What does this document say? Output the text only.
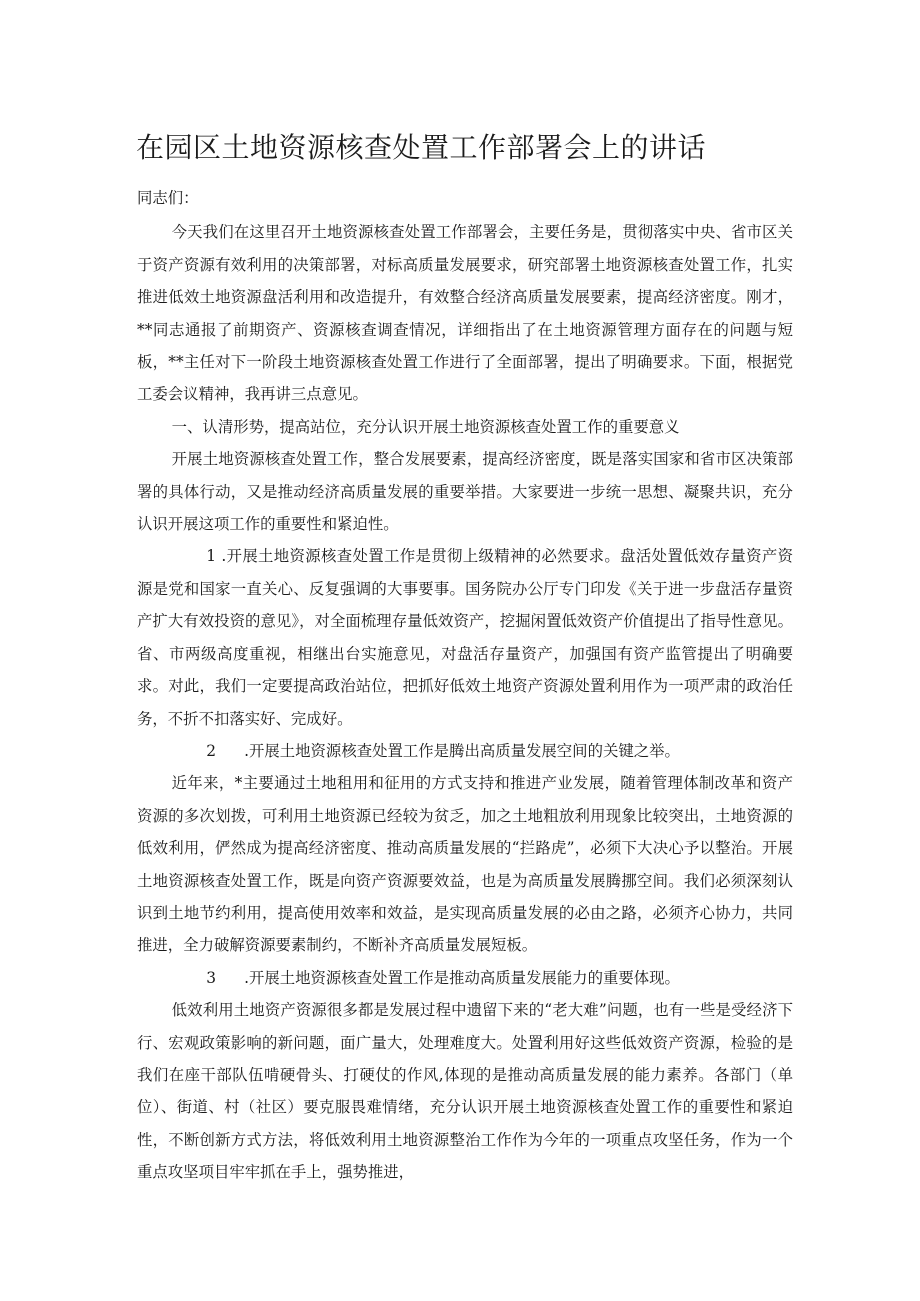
在园区土地资源核查处置工作部署会上的讲话

同志们：

今天我们在这里召开土地资源核查处置工作部署会，主要任务是，贯彻落实中央、省市区关于资产资源有效利用的决策部署，对标高质量发展要求，研究部署土地资源核查处置工作，扎实推进低效土地资源盘活利用和改造提升，有效整合经济高质量发展要素，提高经济密度。刚才，**同志通报了前期资产、资源核查调查情况，详细指出了在土地资源管理方面存在的问题与短板，**主任对下一阶段土地资源核查处置工作进行了全面部署，提出了明确要求。下面，根据党工委会议精神，我再讲三点意见。

一、认清形势，提高站位，充分认识开展土地资源核查处置工作的重要意义

开展土地资源核查处置工作，整合发展要素，提高经济密度，既是落实国家和省市区决策部署的具体行动，又是推动经济高质量发展的重要举措。大家要进一步统一思想、凝聚共识，充分认识开展这项工作的重要性和紧迫性。

1 .开展土地资源核查处置工作是贯彻上级精神的必然要求。盘活处置低效存量资产资源是党和国家一直关心、反复强调的大事要事。国务院办公厅专门印发《关于进一步盘活存量资产扩大有效投资的意见》，对全面梳理存量低效资产，挖掘闲置低效资产价值提出了指导性意见。省、市两级高度重视，相继出台实施意见，对盘活存量资产，加强国有资产监管提出了明确要求。对此，我们一定要提高政治站位，把抓好低效土地资产资源处置利用作为一项严肃的政治任务，不折不扣落实好、完成好。

2 .开展土地资源核查处置工作是腾出高质量发展空间的关键之举。

近年来，*主要通过土地租用和征用的方式支持和推进产业发展，随着管理体制改革和资产资源的多次划拨，可利用土地资源已经较为贫乏，加之土地粗放利用现象比较突出，土地资源的低效利用，俨然成为提高经济密度、推动高质量发展的“拦路虎”，必须下大决心予以整治。开展土地资源核查处置工作，既是向资产资源要效益，也是为高质量发展腾挪空间。我们必须深刻认识到土地节约利用，提高使用效率和效益，是实现高质量发展的必由之路，必须齐心协力，共同推进，全力破解资源要素制约，不断补齐高质量发展短板。

3 .开展土地资源核查处置工作是推动高质量发展能力的重要体现。

低效利用土地资产资源很多都是发展过程中遗留下来的“老大难”问题，也有一些是受经济下行、宏观政策影响的新问题，面广量大，处理难度大。处置利用好这些低效资产资源，检验的是我们在座干部队伍啃硬骨头、打硬仗的作风,体现的是推动高质量发展的能力素养。各部门（单位）、街道、村（社区）要克服畏难情绪，充分认识开展土地资源核查处置工作的重要性和紧迫性，不断创新方式方法，将低效利用土地资源整治工作作为今年的一项重点攻坚任务，作为一个重点攻坚项目牢牢抓在手上，强势推进，
